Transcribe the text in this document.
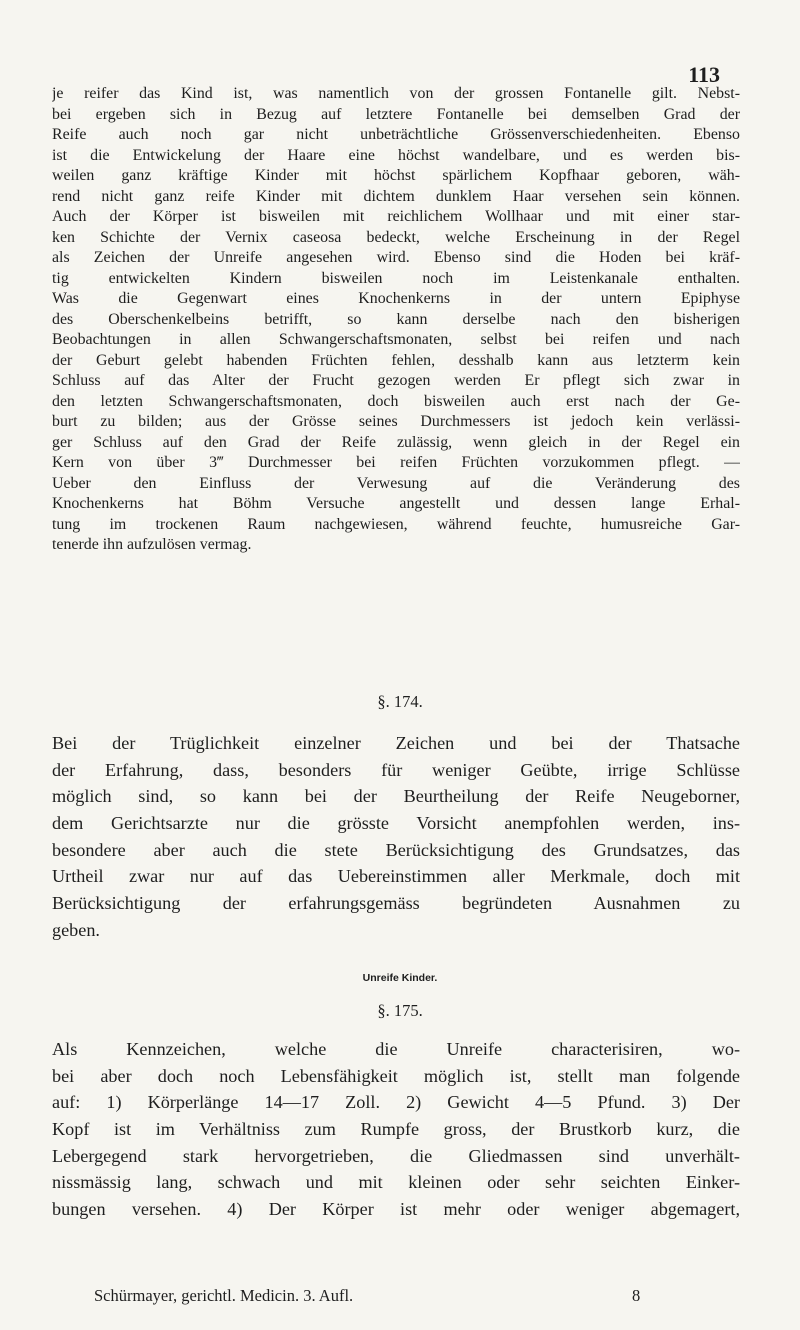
113
je reifer das Kind ist, was namentlich von der grossen Fontanelle gilt. Nebst-
bei ergeben sich in Bezug auf letztere Fontanelle bei demselben Grad der
Reife auch noch gar nicht unbeträchtliche Grössenverschiedenheiten. Ebenso
ist die Entwickelung der Haare eine höchst wandelbare, und es werden bis-
weilen ganz kräftige Kinder mit höchst spärlichem Kopfhaar geboren, wäh-
rend nicht ganz reife Kinder mit dichtem dunklem Haar versehen sein können.
Auch der Körper ist bisweilen mit reichlichem Wollhaar und mit einer star-
ken Schichte der Vernix caseosa bedeckt, welche Erscheinung in der Regel
als Zeichen der Unreife angesehen wird. Ebenso sind die Hoden bei kräf-
tig entwickelten Kindern bisweilen noch im Leistenkanale enthalten.
Was die Gegenwart eines Knochenkerns in der untern Epiphyse
des Oberschenkelbeins betrifft, so kann derselbe nach den bisherigen
Beobachtungen in allen Schwangerschaftsmonaten, selbst bei reifen und nach
der Geburt gelebt habenden Früchten fehlen, desshalb kann aus letzterm kein
Schluss auf das Alter der Frucht gezogen werden Er pflegt sich zwar in
den letzten Schwangerschaftsmonaten, doch bisweilen auch erst nach der Ge-
burt zu bilden; aus der Grösse seines Durchmessers ist jedoch kein verlässi-
ger Schluss auf den Grad der Reife zulässig, wenn gleich in der Regel ein
Kern von über 3‴ Durchmesser bei reifen Früchten vorzukommen pflegt. —
Ueber den Einfluss der Verwesung auf die Veränderung des
Knochenkerns hat Böhm Versuche angestellt und dessen lange Erhal-
tung im trockenen Raum nachgewiesen, während feuchte, humusreiche Gar-
tenerde ihn aufzulösen vermag.
§. 174.
Bei der Trüglichkeit einzelner Zeichen und bei der Thatsache
der Erfahrung, dass, besonders für weniger Geübte, irrige Schlüsse
möglich sind, so kann bei der Beurtheilung der Reife Neugeborner,
dem Gerichtsarzte nur die grösste Vorsicht anempfohlen werden, ins-
besondere aber auch die stete Berücksichtigung des Grundsatzes, das
Urtheil zwar nur auf das Uebereinstimmen aller Merkmale, doch mit
Berücksichtigung der erfahrungsgemäss begründeten Ausnahmen zu
geben.
Unreife Kinder.
§. 175.
Als Kennzeichen, welche die Unreife characterisiren, wo-
bei aber doch noch Lebensfähigkeit möglich ist, stellt man folgende
auf: 1) Körperlänge 14—17 Zoll. 2) Gewicht 4—5 Pfund. 3) Der
Kopf ist im Verhältniss zum Rumpfe gross, der Brustkorb kurz, die
Lebergegend stark hervorgetrieben, die Gliedmassen sind unverhält-
nissmässig lang, schwach und mit kleinen oder sehr seichten Einker-
bungen versehen. 4) Der Körper ist mehr oder weniger abgemagert,
Schürmayer, gerichtl. Medicin. 3. Aufl.	8
